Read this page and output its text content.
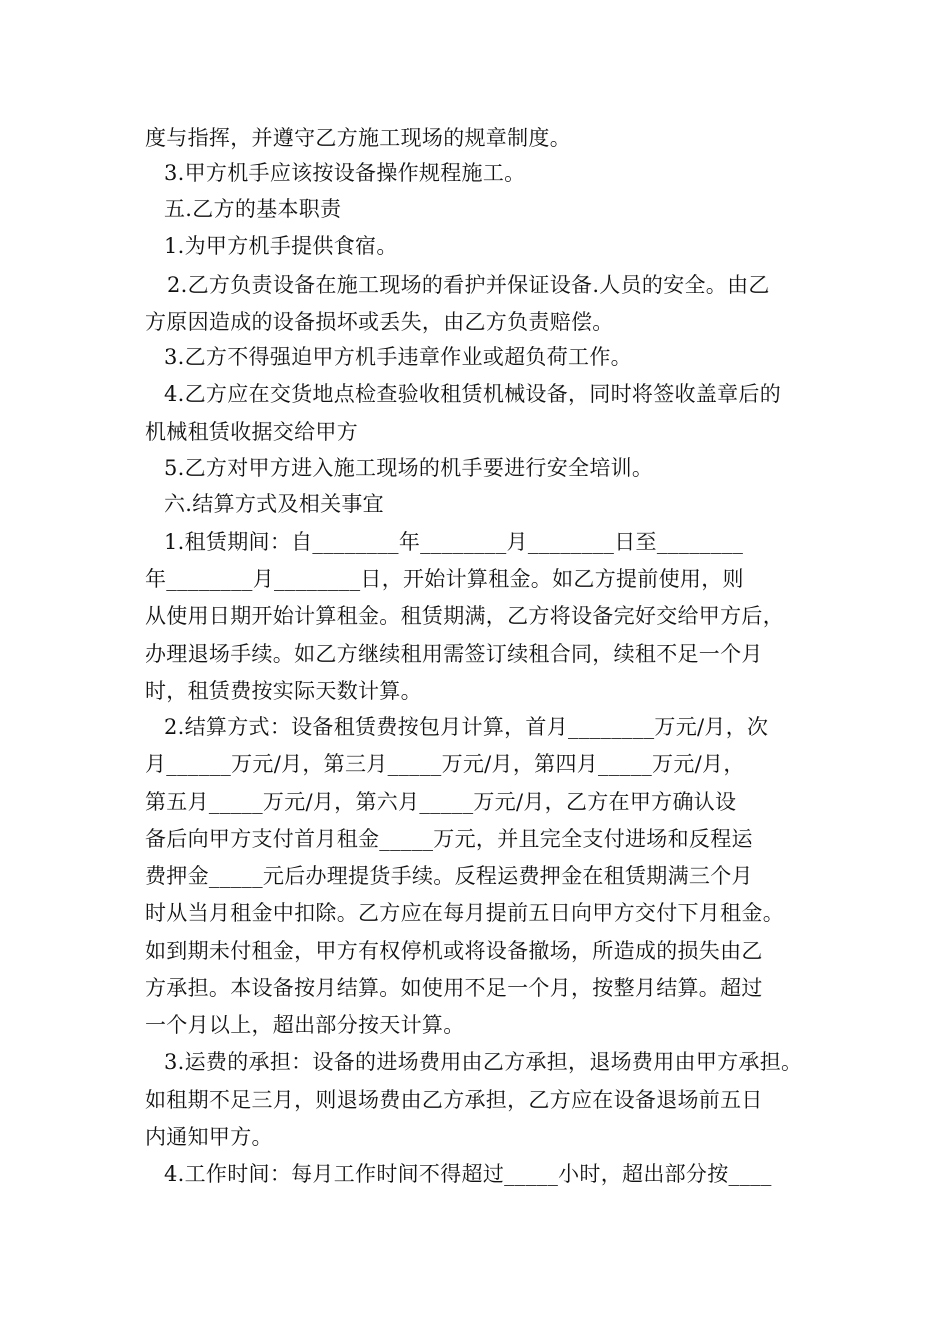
度与指挥，并遵守乙方施工现场的规章制度。
3.甲方机手应该按设备操作规程施工。
五.乙方的基本职责
1.为甲方机手提供食宿。
2.乙方负责设备在施工现场的看护并保证设备.人员的安全。由乙
方原因造成的设备损坏或丢失，由乙方负责赔偿。
3.乙方不得强迫甲方机手违章作业或超负荷工作。
4.乙方应在交货地点检查验收租赁机械设备，同时将签收盖章后的
机械租赁收据交给甲方
5.乙方对甲方进入施工现场的机手要进行安全培训。
六.结算方式及相关事宜
1.租赁期间：自________年________月________日至________
年________月________日，开始计算租金。如乙方提前使用，则
从使用日期开始计算租金。租赁期满，乙方将设备完好交给甲方后，
办理退场手续。如乙方继续租用需签订续租合同，续租不足一个月
时，租赁费按实际天数计算。
2.结算方式：设备租赁费按包月计算，首月________万元/月，次
月______万元/月，第三月_____万元/月，第四月_____万元/月，
第五月_____万元/月，第六月_____万元/月，乙方在甲方确认设
备后向甲方支付首月租金_____万元，并且完全支付进场和反程运
费押金_____元后办理提货手续。反程运费押金在租赁期满三个月
时从当月租金中扣除。乙方应在每月提前五日向甲方交付下月租金。
如到期未付租金，甲方有权停机或将设备撤场，所造成的损失由乙
方承担。本设备按月结算。如使用不足一个月，按整月结算。超过
一个月以上，超出部分按天计算。
3.运费的承担：设备的进场费用由乙方承担，退场费用由甲方承担。
如租期不足三月，则退场费由乙方承担，乙方应在设备退场前五日
内通知甲方。
4.工作时间：每月工作时间不得超过_____小时，超出部分按____
